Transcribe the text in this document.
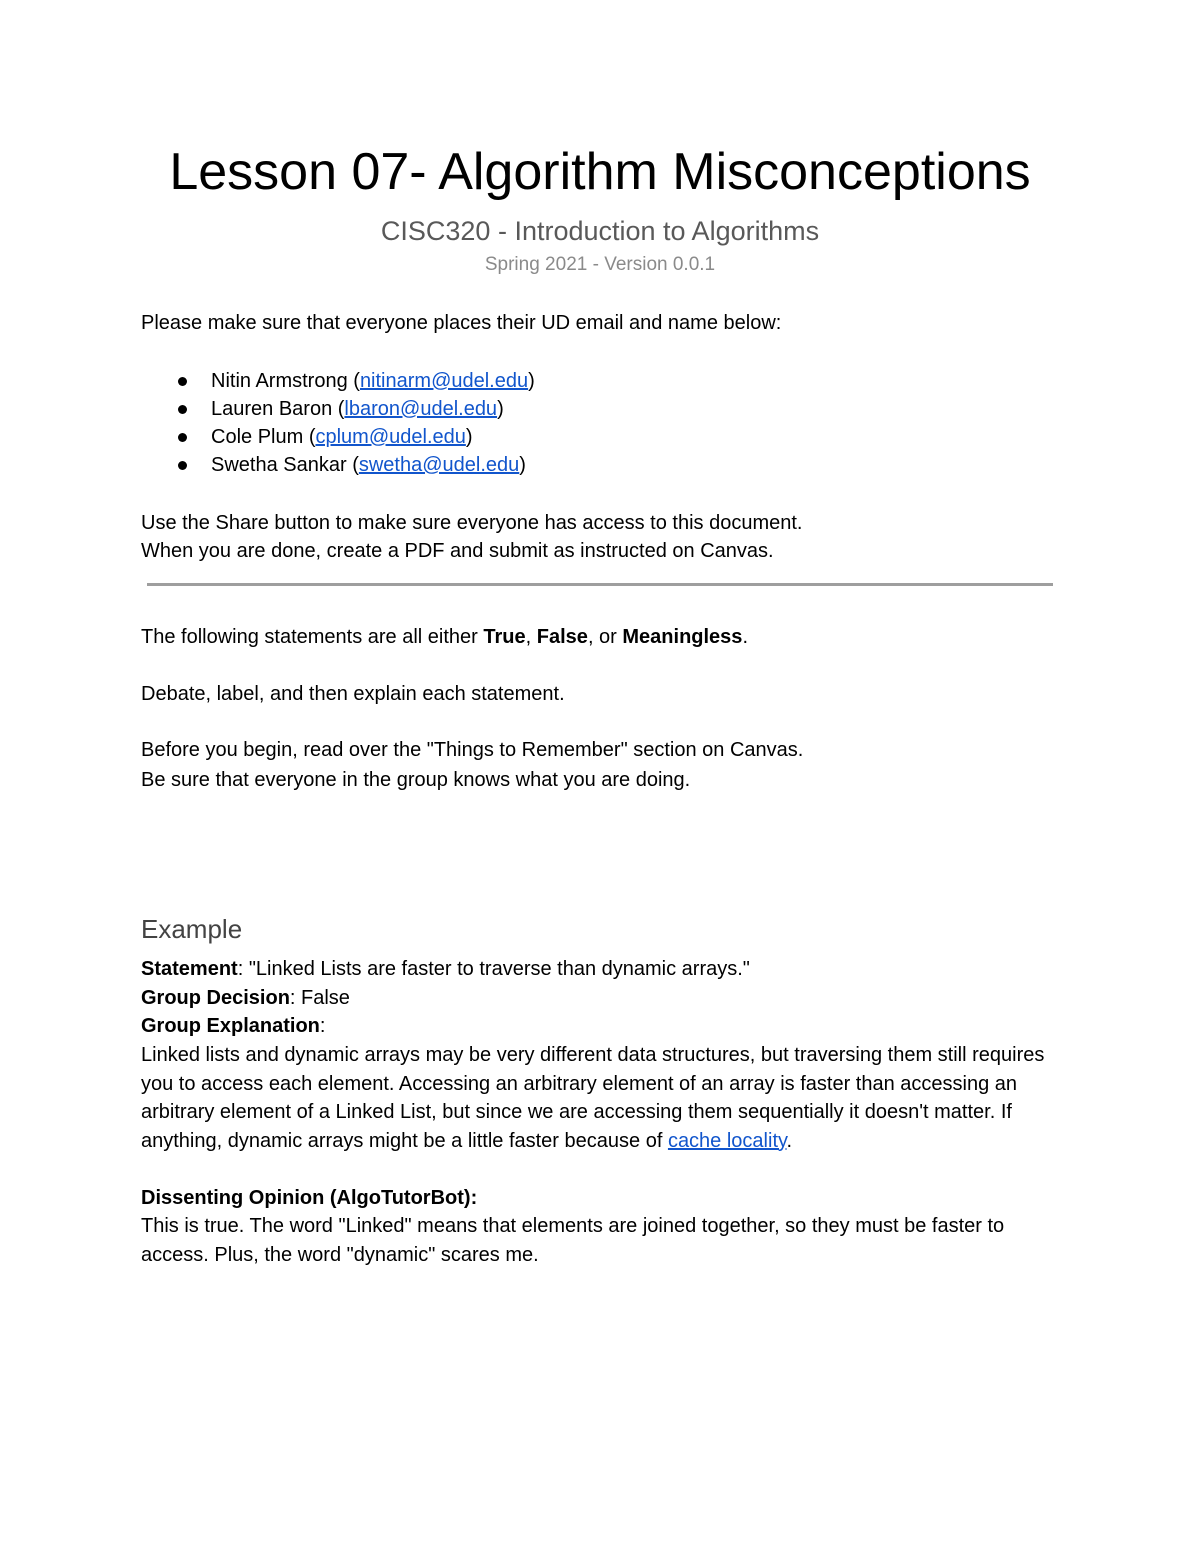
Lesson 07- Algorithm Misconceptions
CISC320 - Introduction to Algorithms
Spring 2021 - Version 0.0.1
Please make sure that everyone places their UD email and name below:
Nitin Armstrong (nitinarm@udel.edu)
Lauren Baron (lbaron@udel.edu)
Cole Plum (cplum@udel.edu)
Swetha Sankar (swetha@udel.edu)
Use the Share button to make sure everyone has access to this document.
When you are done, create a PDF and submit as instructed on Canvas.
The following statements are all either True, False, or Meaningless.
Debate, label, and then explain each statement.
Before you begin, read over the "Things to Remember" section on Canvas.
Be sure that everyone in the group knows what you are doing.
Example
Statement: "Linked Lists are faster to traverse than dynamic arrays."
Group Decision: False
Group Explanation:
Linked lists and dynamic arrays may be very different data structures, but traversing them still requires you to access each element. Accessing an arbitrary element of an array is faster than accessing an arbitrary element of a Linked List, but since we are accessing them sequentially it doesn't matter. If anything, dynamic arrays might be a little faster because of cache locality.
Dissenting Opinion (AlgoTutorBot):
This is true. The word "Linked" means that elements are joined together, so they must be faster to access. Plus, the word "dynamic" scares me.
